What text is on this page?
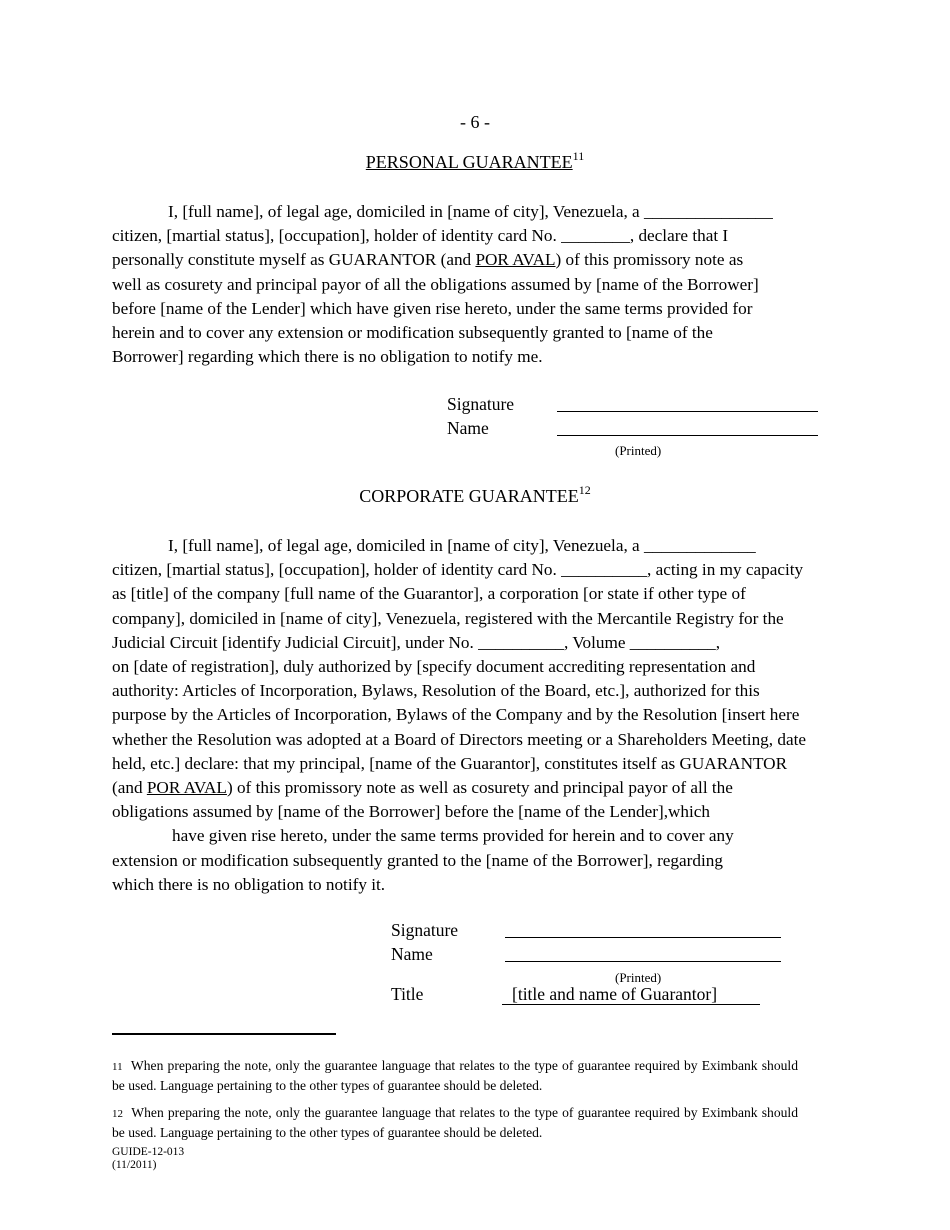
- 6 -
PERSONAL GUARANTEE$^{11}$
I, [full name], of legal age, domiciled in [name of city], Venezuela, a _______________
citizen, [martial status], [occupation], holder of identity card No. ________, declare that I
personally constitute myself as GUARANTOR (and POR AVAL) of this promissory note as
well as cosurety and principal payor of all the obligations assumed by [name of the Borrower]
before [name of the Lender] which have given rise hereto, under the same terms provided for
herein and to cover any extension or modification subsequently granted to [name of the
Borrower] regarding which there is no obligation to notify me.
Signature
Name
(Printed)
CORPORATE GUARANTEE$^{12}$
I, [full name], of legal age, domiciled in [name of city], Venezuela, a _____________
citizen, [martial status], [occupation], holder of identity card No. __________, acting in my capacity
as [title] of the company [full name of the Guarantor], a corporation [or state if other type of
company], domiciled in [name of city], Venezuela, registered with the Mercantile Registry for the
Judicial Circuit [identify Judicial Circuit], under No. __________, Volume __________,
on [date of registration], duly authorized by [specify document accrediting representation and
authority: Articles of Incorporation, Bylaws, Resolution of the Board, etc.], authorized for this
purpose by the Articles of Incorporation, Bylaws of the Company and by the Resolution [insert here
whether the Resolution was adopted at a Board of Directors meeting or a Shareholders Meeting, date
held, etc.] declare: that my principal, [name of the Guarantor], constitutes itself as GUARANTOR
(and POR AVAL) of this promissory note as well as cosurety and principal payor of all the
obligations assumed by [name of the Borrower] before the [name of the Lender],which
have given rise hereto, under the same terms provided for herein and to cover any
extension or modification subsequently granted to the [name of the Borrower], regarding
which there is no obligation to notify it.
Signature
Name
(Printed)
Title	[title and name of Guarantor]
11 When preparing the note, only the guarantee language that relates to the type of guarantee required by Eximbank should be used. Language pertaining to the other types of guarantee should be deleted.
12 When preparing the note, only the guarantee language that relates to the type of guarantee required by Eximbank should be used. Language pertaining to the other types of guarantee should be deleted.
GUIDE-12-013
(11/2011)
